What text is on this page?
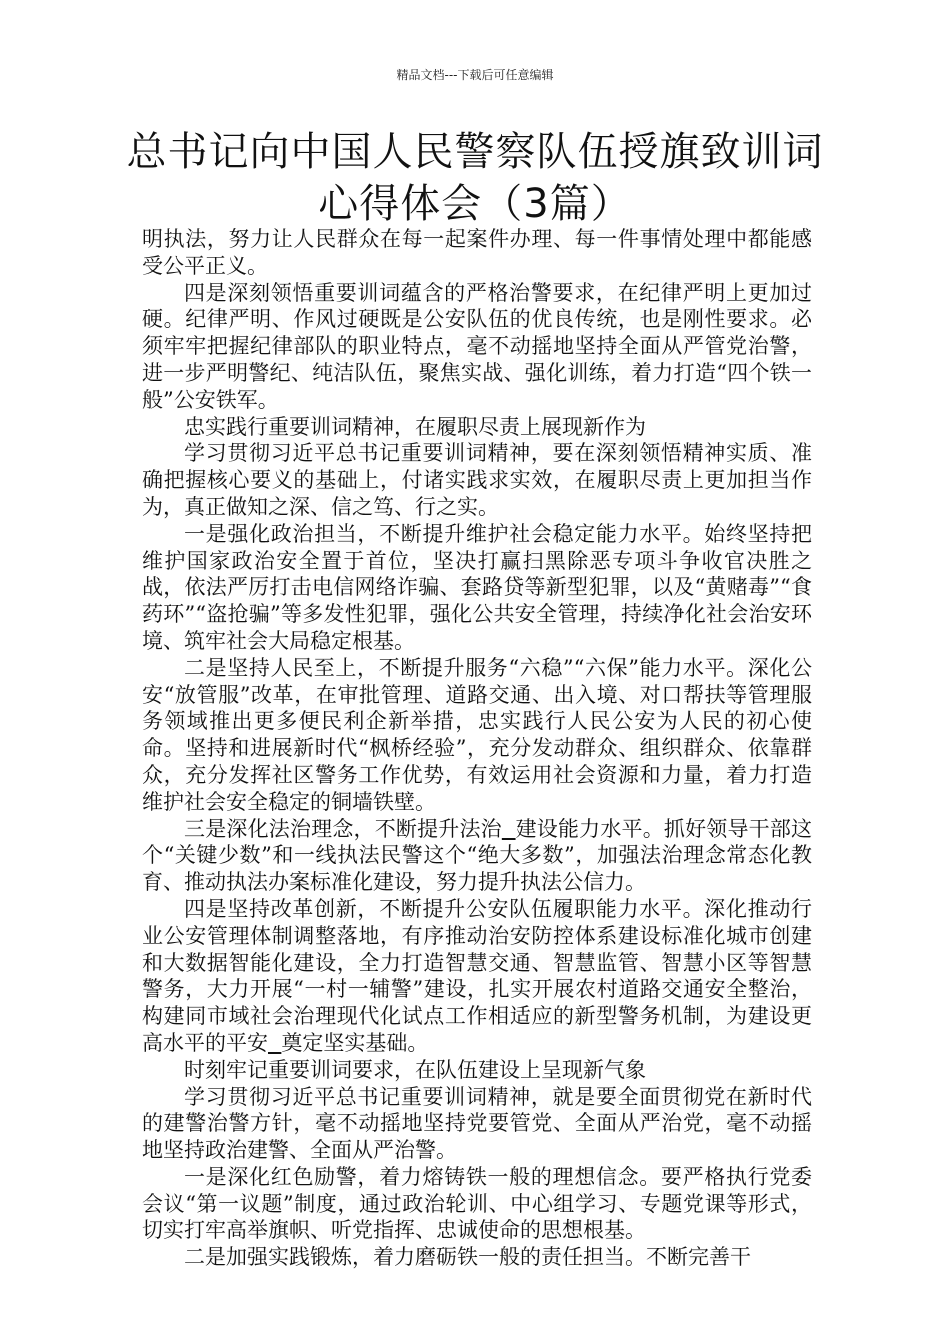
精品文档---下载后可任意编辑
总书记向中国人民警察队伍授旗致训词
心得体会（3篇）

明执法，努力让人民群众在每一起案件办理、每一件事情处理中都能感受公平正义。

四是深刻领悟重要训词蕴含的严格治警要求，在纪律严明上更加过硬。纪律严明、作风过硬既是公安队伍的优良传统，也是刚性要求。必须牢牢把握纪律部队的职业特点，毫不动摇地坚持全面从严管党治警，进一步严明警纪、纯洁队伍，聚焦实战、强化训练，着力打造“四个铁一般”公安铁军。

忠实践行重要训词精神，在履职尽责上展现新作为

学习贯彻习近平总书记重要训词精神，要在深刻领悟精神实质、准确把握核心要义的基础上，付诸实践求实效，在履职尽责上更加担当作为，真正做知之深、信之笃、行之实。

一是强化政治担当，不断提升维护社会稳定能力水平。始终坚持把维护国家政治安全置于首位，坚决打赢扫黑除恶专项斗争收官决胜之战，依法严厉打击电信网络诈骗、套路贷等新型犯罪，以及“黄赌毒”“食药环”“盗抢骗”等多发性犯罪，强化公共安全管理，持续净化社会治安环境、筑牢社会大局稳定根基。

二是坚持人民至上，不断提升服务“六稳”“六保”能力水平。深化公安“放管服”改革，在审批管理、道路交通、出入境、对口帮扶等管理服务领域推出更多便民利企新举措，忠实践行人民公安为人民的初心使命。坚持和进展新时代“枫桥经验”，充分发动群众、组织群众、依靠群众，充分发挥社区警务工作优势，有效运用社会资源和力量，着力打造维护社会安全稳定的铜墙铁壁。

三是深化法治理念，不断提升法治 建设能力水平。抓好领导干部这个“关键少数”和一线执法民警这个“绝大多数”，加强法治理念常态化教育、推动执法办案标准化建设，努力提升执法公信力。

四是坚持改革创新，不断提升公安队伍履职能力水平。深化推动行业公安管理体制调整落地，有序推动治安防控体系建设标准化城市创建和大数据智能化建设，全力打造智慧交通、智慧监管、智慧小区等智慧警务，大力开展“一村一辅警”建设，扎实开展农村道路交通安全整治，构建同市域社会治理现代化试点工作相适应的新型警务机制，为建设更高水平的平安 奠定坚实基础。

时刻牢记重要训词要求，在队伍建设上呈现新气象

学习贯彻习近平总书记重要训词精神，就是要全面贯彻党在新时代的建警治警方针，毫不动摇地坚持党要管党、全面从严治党，毫不动摇地坚持政治建警、全面从严治警。

一是深化红色励警，着力熔铸铁一般的理想信念。要严格执行党委会议“第一议题”制度，通过政治轮训、中心组学习、专题党课等形式，切实打牢高举旗帜、听党指挥、忠诚使命的思想根基。

二是加强实践锻炼，着力磨砺铁一般的责任担当。不断完善干
